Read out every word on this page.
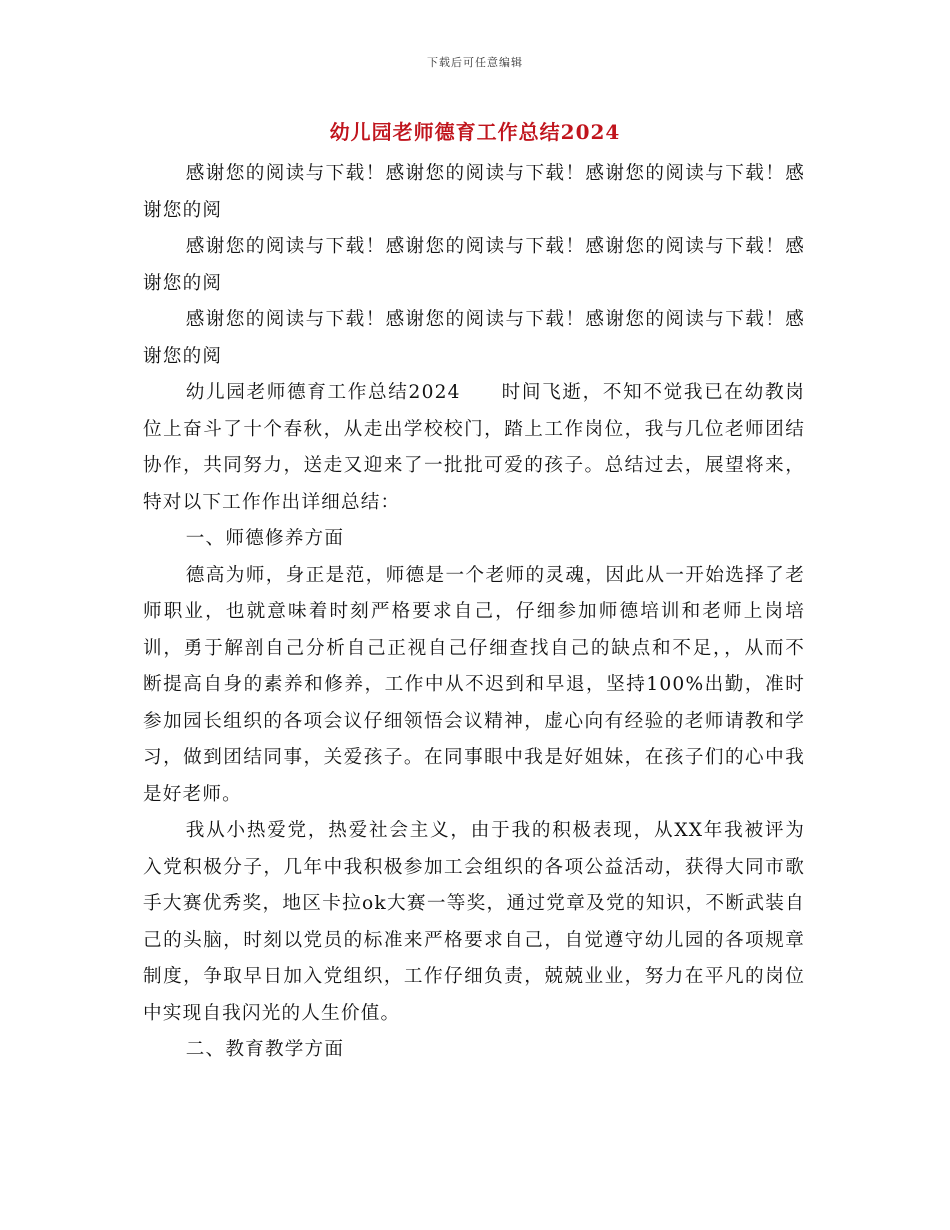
下载后可任意编辑
幼儿园老师德育工作总结2024

感谢您的阅读与下载！感谢您的阅读与下载！感谢您的阅读与下载！感谢您的阅

感谢您的阅读与下载！感谢您的阅读与下载！感谢您的阅读与下载！感谢您的阅

感谢您的阅读与下载！感谢您的阅读与下载！感谢您的阅读与下载！感谢您的阅

幼儿园老师德育工作总结2024　　时间飞逝，不知不觉我已在幼教岗位上奋斗了十个春秋，从走出学校校门，踏上工作岗位，我与几位老师团结协作，共同努力，送走又迎来了一批批可爱的孩子。总结过去，展望将来，特对以下工作作出详细总结：

一、师德修养方面

德高为师，身正是范，师德是一个老师的灵魂，因此从一开始选择了老师职业，也就意味着时刻严格要求自己，仔细参加师德培训和老师上岗培训，勇于解剖自己分析自己正视自己仔细查找自己的缺点和不足，，从而不断提高自身的素养和修养，工作中从不迟到和早退，坚持100%出勤，准时参加园长组织的各项会议仔细领悟会议精神，虚心向有经验的老师请教和学习，做到团结同事，关爱孩子。在同事眼中我是好姐妹，在孩子们的心中我是好老师。

我从小热爱党，热爱社会主义，由于我的积极表现，从XX年我被评为入党积极分子，几年中我积极参加工会组织的各项公益活动，获得大同市歌手大赛优秀奖，地区卡拉ok大赛一等奖，通过党章及党的知识，不断武装自己的头脑，时刻以党员的标准来严格要求自己，自觉遵守幼儿园的各项规章制度，争取早日加入党组织，工作仔细负责，兢兢业业，努力在平凡的岗位中实现自我闪光的人生价值。

二、教育教学方面
